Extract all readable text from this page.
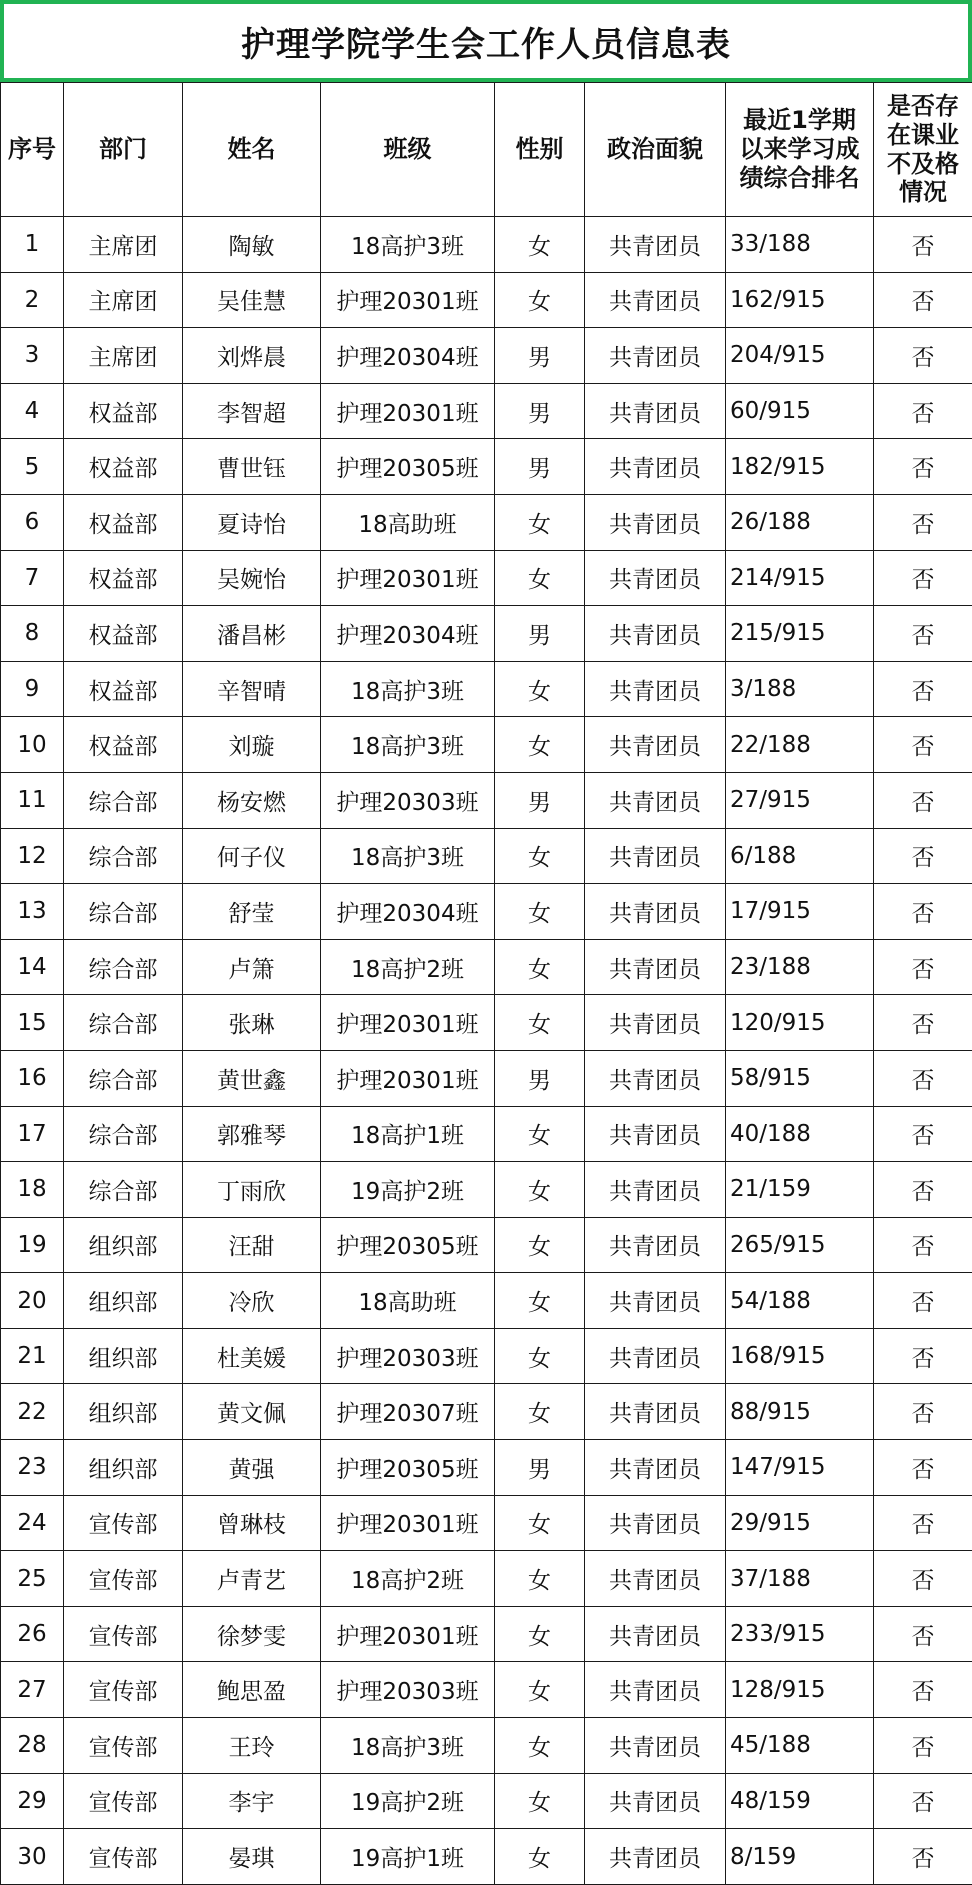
护理学院学生会工作人员信息表
序号	部门	姓名	班级	性别	政治面貌	最近1学期以来学习成绩综合排名	是否存在课业不及格情况
1	主席团	陶敏	18高护3班	女	共青团员	33/188	否
2	主席团	吴佳慧	护理20301班	女	共青团员	162/915	否
3	主席团	刘烨晨	护理20304班	男	共青团员	204/915	否
4	权益部	李智超	护理20301班	男	共青团员	60/915	否
5	权益部	曹世钰	护理20305班	男	共青团员	182/915	否
6	权益部	夏诗怡	18高助班	女	共青团员	26/188	否
7	权益部	吴婉怡	护理20301班	女	共青团员	214/915	否
8	权益部	潘昌彬	护理20304班	男	共青团员	215/915	否
9	权益部	辛智晴	18高护3班	女	共青团员	3/188	否
10	权益部	刘璇	18高护3班	女	共青团员	22/188	否
11	综合部	杨安燃	护理20303班	男	共青团员	27/915	否
12	综合部	何子仪	18高护3班	女	共青团员	6/188	否
13	综合部	舒莹	护理20304班	女	共青团员	17/915	否
14	综合部	卢箫	18高护2班	女	共青团员	23/188	否
15	综合部	张琳	护理20301班	女	共青团员	120/915	否
16	综合部	黄世鑫	护理20301班	男	共青团员	58/915	否
17	综合部	郭雅琴	18高护1班	女	共青团员	40/188	否
18	综合部	丁雨欣	19高护2班	女	共青团员	21/159	否
19	组织部	汪甜	护理20305班	女	共青团员	265/915	否
20	组织部	冷欣	18高助班	女	共青团员	54/188	否
21	组织部	杜美媛	护理20303班	女	共青团员	168/915	否
22	组织部	黄文佩	护理20307班	女	共青团员	88/915	否
23	组织部	黄强	护理20305班	男	共青团员	147/915	否
24	宣传部	曾琳枝	护理20301班	女	共青团员	29/915	否
25	宣传部	卢青艺	18高护2班	女	共青团员	37/188	否
26	宣传部	徐梦雯	护理20301班	女	共青团员	233/915	否
27	宣传部	鲍思盈	护理20303班	女	共青团员	128/915	否
28	宣传部	王玲	18高护3班	女	共青团员	45/188	否
29	宣传部	李宇	19高护2班	女	共青团员	48/159	否
30	宣传部	晏琪	19高护1班	女	共青团员	8/159	否
